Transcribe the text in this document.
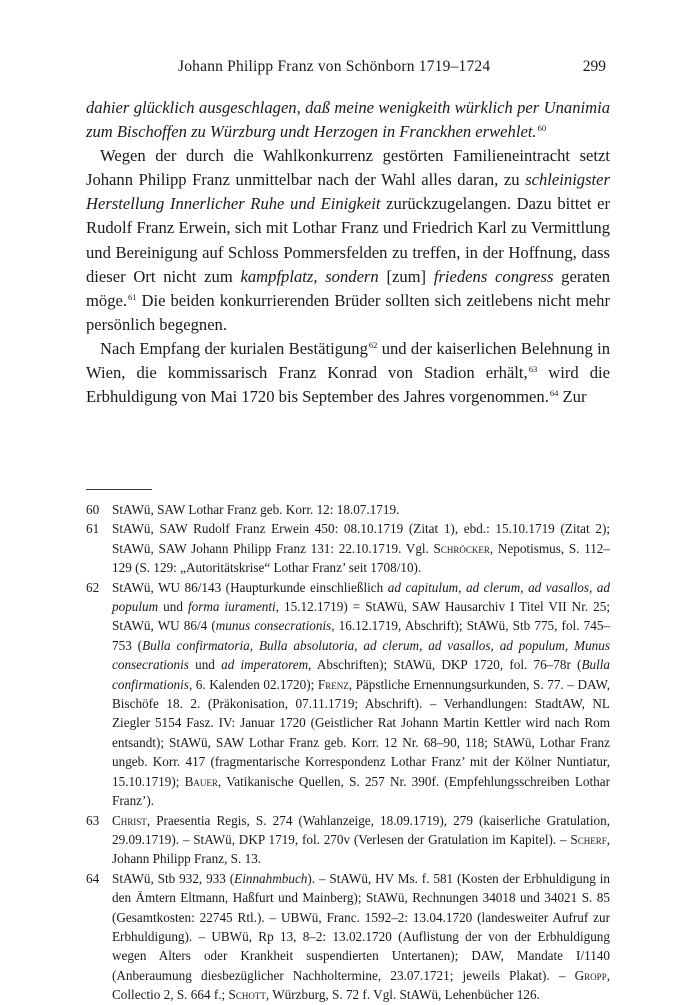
Johann Philipp Franz von Schönborn 1719–1724	299

dahier glücklich ausgeschlagen, daß meine wenigkeith würklich per Unanimia zum Bischoffen zu Würzburg undt Herzogen in Franckhen erwehlet.$^{60}$

Wegen der durch die Wahlkonkurrenz gestörten Familieneintracht setzt Johann Philipp Franz unmittelbar nach der Wahl alles daran, zu schleinigster Herstellung Innerlicher Ruhe und Einigkeit zurückzugelangen. Dazu bittet er Rudolf Franz Erwein, sich mit Lothar Franz und Friedrich Karl zu Vermittlung und Bereinigung auf Schloss Pommersfelden zu treffen, in der Hoffnung, dass dieser Ort nicht zum kampfplatz, sondern [zum] friedens congress geraten möge.$^{61}$ Die beiden konkurrierenden Brüder sollten sich zeitlebens nicht mehr persönlich begegnen.

Nach Empfang der kurialen Bestätigung$^{62}$ und der kaiserlichen Belehnung in Wien, die kommissarisch Franz Konrad von Stadion erhält,$^{63}$ wird die Erbhuldigung von Mai 1720 bis September des Jahres vorgenommen.$^{64}$ Zur

60 StAWü, SAW Lothar Franz geb. Korr. 12: 18.07.1719.
61 StAWü, SAW Rudolf Franz Erwein 450: 08.10.1719 (Zitat 1), ebd.: 15.10.1719 (Zitat 2); StAWü, SAW Johann Philipp Franz 131: 22.10.1719. Vgl. Schröcker, Nepotismus, S. 112–129 (S. 129: „Autoritätskrise“ Lothar Franz’ seit 1708/10).
62 StAWü, WU 86/143 (Haupturkunde einschließlich ad capitulum, ad clerum, ad vasallos, ad populum und forma iuramenti, 15.12.1719) = StAWü, SAW Hausarchiv I Titel VII Nr. 25; StAWü, WU 86/4 (munus consecrationis, 16.12.1719, Abschrift); StAWü, Stb 775, fol. 745–753 (Bulla confirmatoria, Bulla absolutoria, ad clerum, ad vasallos, ad populum, Munus consecrationis und ad imperatorem, Abschriften); StAWü, DKP 1720, fol. 76–78r (Bulla confirmationis, 6. Kalenden 02.1720); Frenz, Päpstliche Ernennungsurkunden, S. 77. – DAW, Bischöfe 18. 2. (Präkonisation, 07.11.1719; Abschrift). – Verhandlungen: StadtAW, NL Ziegler 5154 Fasz. IV: Januar 1720 (Geistlicher Rat Johann Martin Kettler wird nach Rom entsandt); StAWü, SAW Lothar Franz geb. Korr. 12 Nr. 68–90, 118; StAWü, Lothar Franz ungeb. Korr. 417 (fragmentarische Korrespondenz Lothar Franz’ mit der Kölner Nuntiatur, 15.10.1719); Bauer, Vatikanische Quellen, S. 257 Nr. 390f. (Empfehlungsschreiben Lothar Franz’).
63 Christ, Praesentia Regis, S. 274 (Wahlanzeige, 18.09.1719), 279 (kaiserliche Gratulation, 29.09.1719). – StAWü, DKP 1719, fol. 270v (Verlesen der Gratulation im Kapitel). – Scherf, Johann Philipp Franz, S. 13.
64 StAWü, Stb 932, 933 (Einnahmbuch). – StAWü, HV Ms. f. 581 (Kosten der Erbhuldigung in den Ämtern Eltmann, Haßfurt und Mainberg); StAWü, Rechnungen 34018 und 34021 S. 85 (Gesamtkosten: 22745 Rtl.). – UBWü, Franc. 1592–2: 13.04.1720 (landesweiter Aufruf zur Erbhuldigung). – UBWü, Rp 13, 8–2: 13.02.1720 (Auflistung der von der Erbhuldigung wegen Alters oder Krankheit suspendierten Untertanen); DAW, Mandate I/1140 (Anberaumung diesbezüglicher Nachholtermine, 23.07.1721; jeweils Plakat). – Gropp, Collectio 2, S. 664 f.; Schott, Würzburg, S. 72 f. Vgl. StAWü, Lehenbücher 126.
